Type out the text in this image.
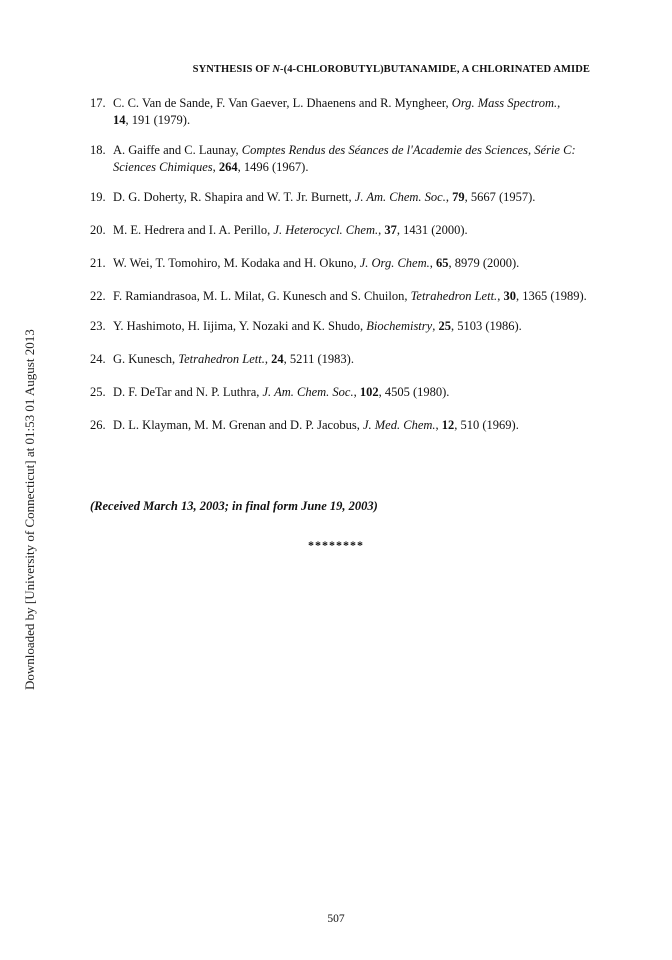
SYNTHESIS OF N-(4-CHLOROBUTYL)BUTANAMIDE, A CHLORINATED AMIDE
Downloaded by [University of Connecticut] at 01:53 01 August 2013
17. C. C. Van de Sande, F. Van Gaever, L. Dhaenens and R. Myngheer, Org. Mass Spectrom.,
14, 191 (1979).
18. A. Gaiffe and C. Launay, Comptes Rendus des Séances de l'Academie des Sciences, Série C: Sciences Chimiques, 264, 1496 (1967).
19. D. G. Doherty, R. Shapira and W. T. Jr. Burnett, J. Am. Chem. Soc., 79, 5667 (1957).
20. M. E. Hedrera and I. A. Perillo, J. Heterocycl. Chem., 37, 1431 (2000).
21. W. Wei, T. Tomohiro, M. Kodaka and H. Okuno, J. Org. Chem., 65, 8979 (2000).
22. F. Ramiandrasoa, M. L. Milat, G. Kunesch and S. Chuilon, Tetrahedron Lett., 30, 1365 (1989).
23. Y. Hashimoto, H. Iijima, Y. Nozaki and K. Shudo, Biochemistry, 25, 5103 (1986).
24. G. Kunesch, Tetrahedron Lett., 24, 5211 (1983).
25. D. F. DeTar and N. P. Luthra, J. Am. Chem. Soc., 102, 4505 (1980).
26. D. L. Klayman, M. M. Grenan and D. P. Jacobus, J. Med. Chem., 12, 510 (1969).
(Received March 13, 2003; in final form June 19, 2003)
********
507
